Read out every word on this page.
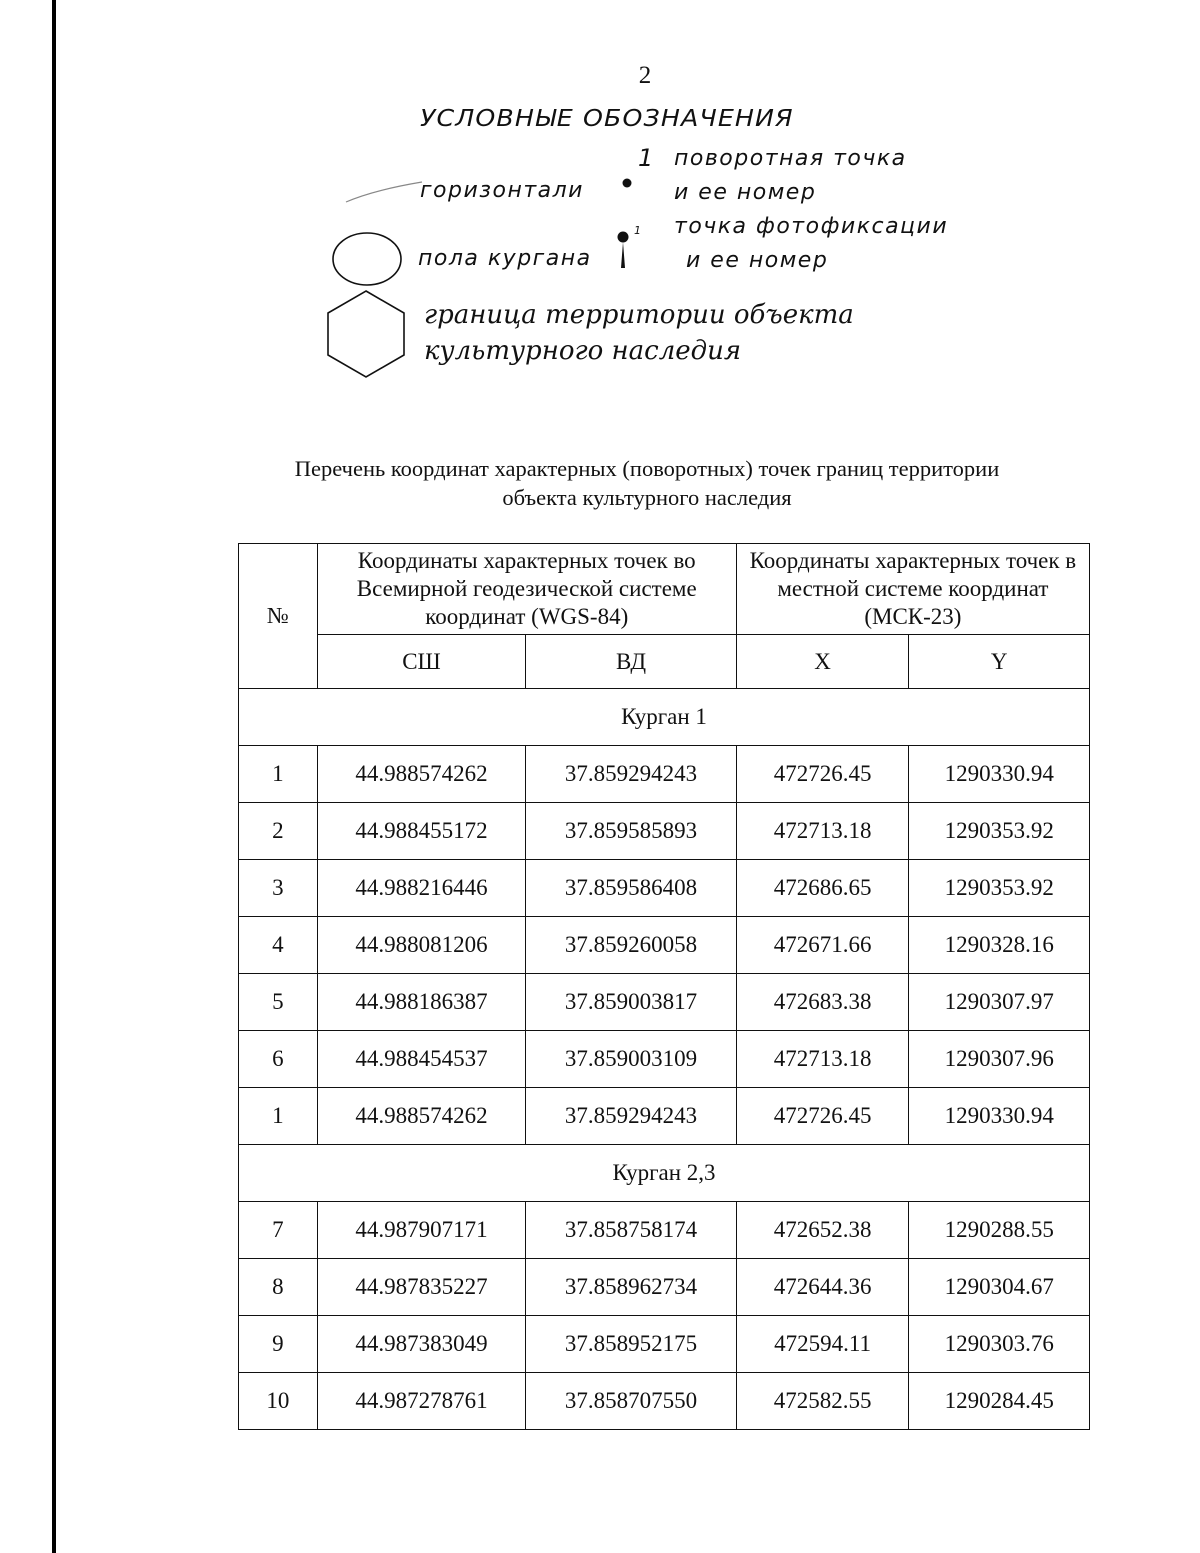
2
УСЛОВНЫЕ ОБОЗНАЧЕНИЯ
горизонтали
1 поворотная точка
и ее номер
1 точка фотофиксации
и ее номер
пола кургана
граница территории объекта
культурного наследия
Перечень координат характерных (поворотных) точек границ территории
объекта культурного наследия
№	Координаты характерных точек во Всемирной геодезической системе координат (WGS-84)		Координаты характерных точек в местной системе координат (МСК-23)	
	СШ	ВД	X	Y
Курган 1				
1	44.988574262	37.859294243	472726.45	1290330.94
2	44.988455172	37.859585893	472713.18	1290353.92
3	44.988216446	37.859586408	472686.65	1290353.92
4	44.988081206	37.859260058	472671.66	1290328.16
5	44.988186387	37.859003817	472683.38	1290307.97
6	44.988454537	37.859003109	472713.18	1290307.96
1	44.988574262	37.859294243	472726.45	1290330.94
Курган 2,3				
7	44.987907171	37.858758174	472652.38	1290288.55
8	44.987835227	37.858962734	472644.36	1290304.67
9	44.987383049	37.858952175	472594.11	1290303.76
10	44.987278761	37.858707550	472582.55	1290284.45
